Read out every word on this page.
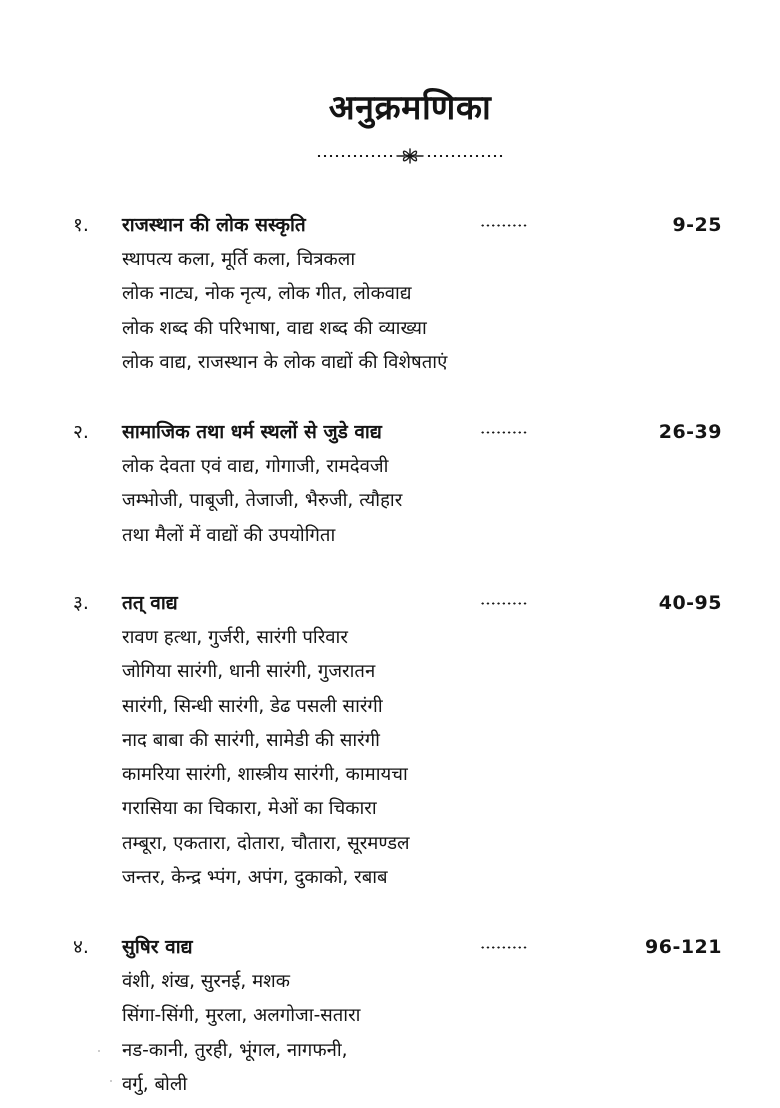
अनुक्रमणिका
१. राजस्थान की लोक सस्कृति	9-25
स्थापत्य कला, मूर्ति कला, चित्रकला
लोक नाट्य, नोक नृत्य, लोक गीत, लोकवाद्य
लोक शब्द की परिभाषा, वाद्य शब्द की व्याख्या
लोक वाद्य, राजस्थान के लोक वाद्यों की विशेषताएं
२. सामाजिक तथा धर्म स्थलों से जुडे वाद्य	26-39
लोक देवता एवं वाद्य, गोगाजी, रामदेवजी
जम्भोजी, पाबूजी, तेजाजी, भैरुजी, त्यौहार
तथा मैलों में वाद्यों की उपयोगिता
३. तत् वाद्य	40-95
रावण हत्था, गुर्जरी, सारंगी परिवार
जोगिया सारंगी, धानी सारंगी, गुजरातन
सारंगी, सिन्धी सारंगी, डेढ पसली सारंगी
नाद बाबा की सारंगी, सामेडी की सारंगी
कामरिया सारंगी, शास्त्रीय सारंगी, कामायचा
गरासिया का चिकारा, मेओं का चिकारा
तम्बूरा, एकतारा, दोतारा, चौतारा, सूरमण्डल
जन्तर, केन्द्र भ्पंग, अपंग, दुकाको, रबाब
४. सुषिर वाद्य	96-121
वंशी, शंख, सुरनई, मशक
सिंगा-सिंगी, मुरला, अलगोजा-सतारा
नड-कानी, तुरही, भूंगल, नागफनी,
वर्गु, बोली
